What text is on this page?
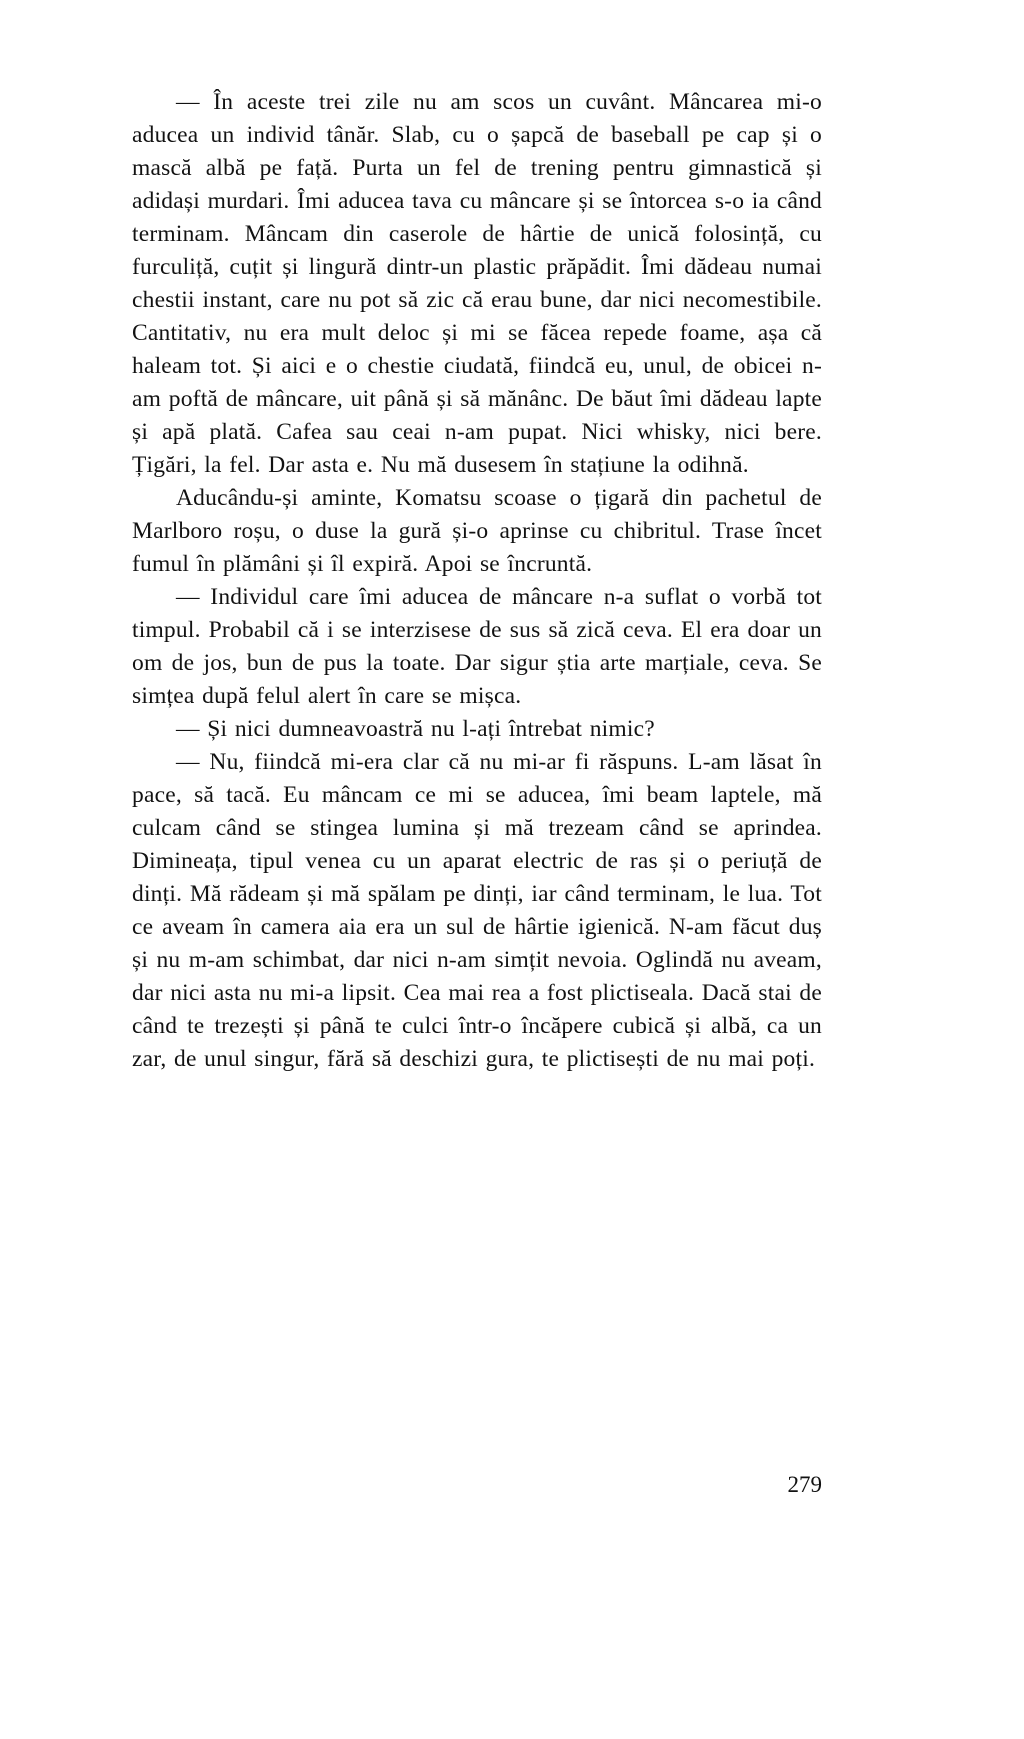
— În aceste trei zile nu am scos un cuvânt. Mâncarea mi-o aducea un individ tânăr. Slab, cu o șapcă de baseball pe cap și o mască albă pe față. Purta un fel de trening pentru gimnastică și adidași murdari. Îmi aducea tava cu mâncare și se întorcea s-o ia când terminam. Mâncam din caserole de hârtie de unică folosință, cu furculiță, cuțit și lingură dintr-un plastic prăpădit. Îmi dădeau numai chestii instant, care nu pot să zic că erau bune, dar nici necomestibile. Cantitativ, nu era mult deloc și mi se făcea repede foame, așa că haleam tot. Și aici e o chestie ciudată, fiindcă eu, unul, de obicei n-am poftă de mâncare, uit până și să mănânc. De băut îmi dădeau lapte și apă plată. Cafea sau ceai n-am pupat. Nici whisky, nici bere. Țigări, la fel. Dar asta e. Nu mă dusesem în stațiune la odihnă.

Aducându-și aminte, Komatsu scoase o țigară din pachetul de Marlboro roșu, o duse la gură și-o aprinse cu chibritul. Trase încet fumul în plămâni și îl expiră. Apoi se încruntă.

— Individul care îmi aducea de mâncare n-a suflat o vorbă tot timpul. Probabil că i se interzisese de sus să zică ceva. El era doar un om de jos, bun de pus la toate. Dar sigur știa arte marțiale, ceva. Se simțea după felul alert în care se mișca.

— Și nici dumneavoastră nu l-ați întrebat nimic?

— Nu, fiindcă mi-era clar că nu mi-ar fi răspuns. L-am lăsat în pace, să tacă. Eu mâncam ce mi se aducea, îmi beam laptele, mă culcam când se stingea lumina și mă trezeam când se aprindea. Dimineața, tipul venea cu un aparat electric de ras și o periuță de dinți. Mă rădeam și mă spălam pe dinți, iar când terminam, le lua. Tot ce aveam în camera aia era un sul de hârtie igienică. N-am făcut duș și nu m-am schimbat, dar nici n-am simțit nevoia. Oglindă nu aveam, dar nici asta nu mi-a lipsit. Cea mai rea a fost plictiseala. Dacă stai de când te trezești și până te culci într-o încăpere cubică și albă, ca un zar, de unul singur, fără să deschizi gura, te plictisești de nu mai poți.

279
